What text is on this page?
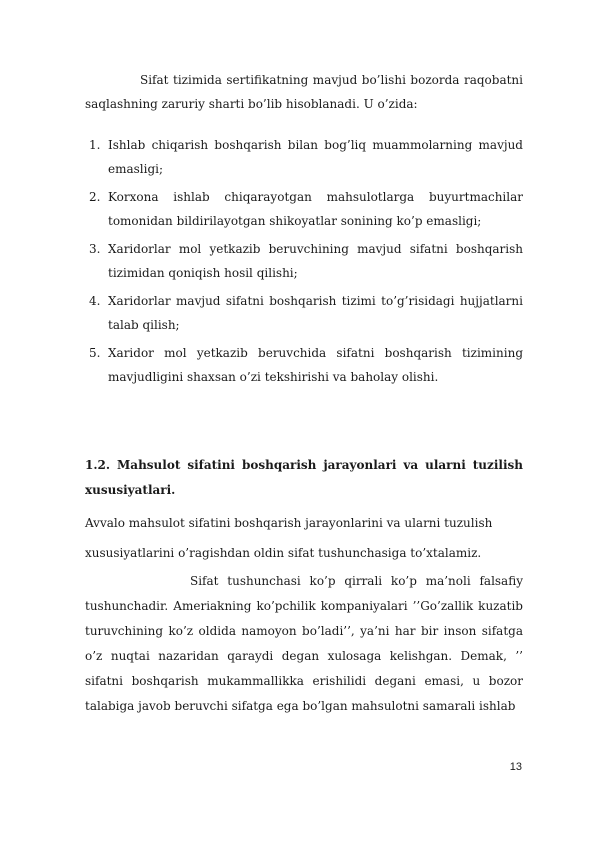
Sifat tizimida sertifikatning mavjud bo’lishi bozorda raqobatni saqlashning zaruriy sharti bo’lib hisoblanadi. U o’zida:

1. Ishlab chiqarish boshqarish bilan bog’liq muammolarning mavjud emasligi;
2. Korxona ishlab chiqarayotgan mahsulotlarga buyurtmachilar tomonidan bildirilayotgan shikoyatlar sonining ko’p emasligi;
3. Xaridorlar mol yetkazib beruvchining mavjud sifatni boshqarish tizimidan qoniqish hosil qilishi;
4. Xaridorlar mavjud sifatni boshqarish tizimi to’g’risidagi hujjatlarni talab qilish;
5. Xaridor mol yetkazib beruvchida sifatni boshqarish tizimining mavjudligini shaxsan o’zi tekshirishi va baholay olishi.
1.2. Mahsulot sifatini boshqarish jarayonlari va ularni tuzilish xususiyatlari.

Avvalo mahsulot sifatini boshqarish jarayonlarini va ularni tuzulish xususiyatlarini o’ragishdan oldin sifat tushunchasiga to’xtalamiz.

Sifat tushunchasi ko’p qirrali ko’p ma’noli falsafiy tushunchadir. Ameriakning ko’pchilik kompaniyalari ’’Go’zallik kuzatib turuvchining ko’z oldida namoyon bo’ladi’’, ya’ni har bir inson sifatga o’z nuqtai nazaridan qaraydi degan xulosaga kelishgan. Demak, ’’ sifatni boshqarish mukammallikka erishilidi degani emasi, u bozor talabiga javob beruvchi sifatga ega bo’lgan mahsulotni samarali ishlab

13
